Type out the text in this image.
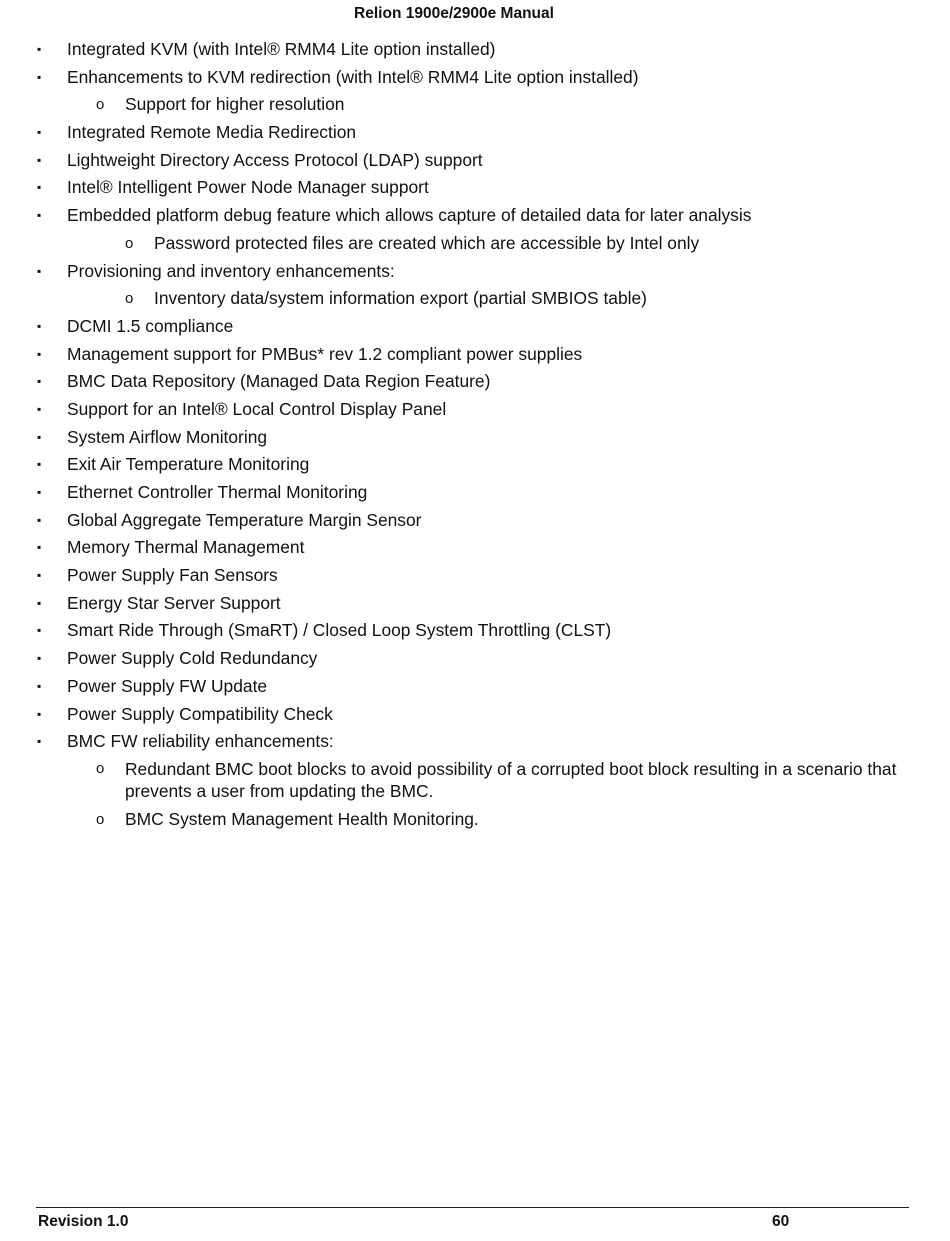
Relion 1900e/2900e Manual
▪ Integrated KVM (with Intel® RMM4 Lite option installed)
▪ Enhancements to KVM redirection (with Intel® RMM4 Lite option installed)
o Support for higher resolution
▪ Integrated Remote Media Redirection
▪ Lightweight Directory Access Protocol (LDAP) support
▪ Intel® Intelligent Power Node Manager support
▪ Embedded platform debug feature which allows capture of detailed data for later analysis
o Password protected files are created which are accessible by Intel only
▪ Provisioning and inventory enhancements:
o Inventory data/system information export (partial SMBIOS table)
▪ DCMI 1.5 compliance
▪ Management support for PMBus* rev 1.2 compliant power supplies
▪ BMC Data Repository (Managed Data Region Feature)
▪ Support for an Intel® Local Control Display Panel
▪ System Airflow Monitoring
▪ Exit Air Temperature Monitoring
▪ Ethernet Controller Thermal Monitoring
▪ Global Aggregate Temperature Margin Sensor
▪ Memory Thermal Management
▪ Power Supply Fan Sensors
▪ Energy Star Server Support
▪ Smart Ride Through (SmaRT) / Closed Loop System Throttling (CLST)
▪ Power Supply Cold Redundancy
▪ Power Supply FW Update
▪ Power Supply Compatibility Check
▪ BMC FW reliability enhancements:
o Redundant BMC boot blocks to avoid possibility of a corrupted boot block resulting in a scenario that prevents a user from updating the BMC.
o BMC System Management Health Monitoring.
Revision 1.0	60
